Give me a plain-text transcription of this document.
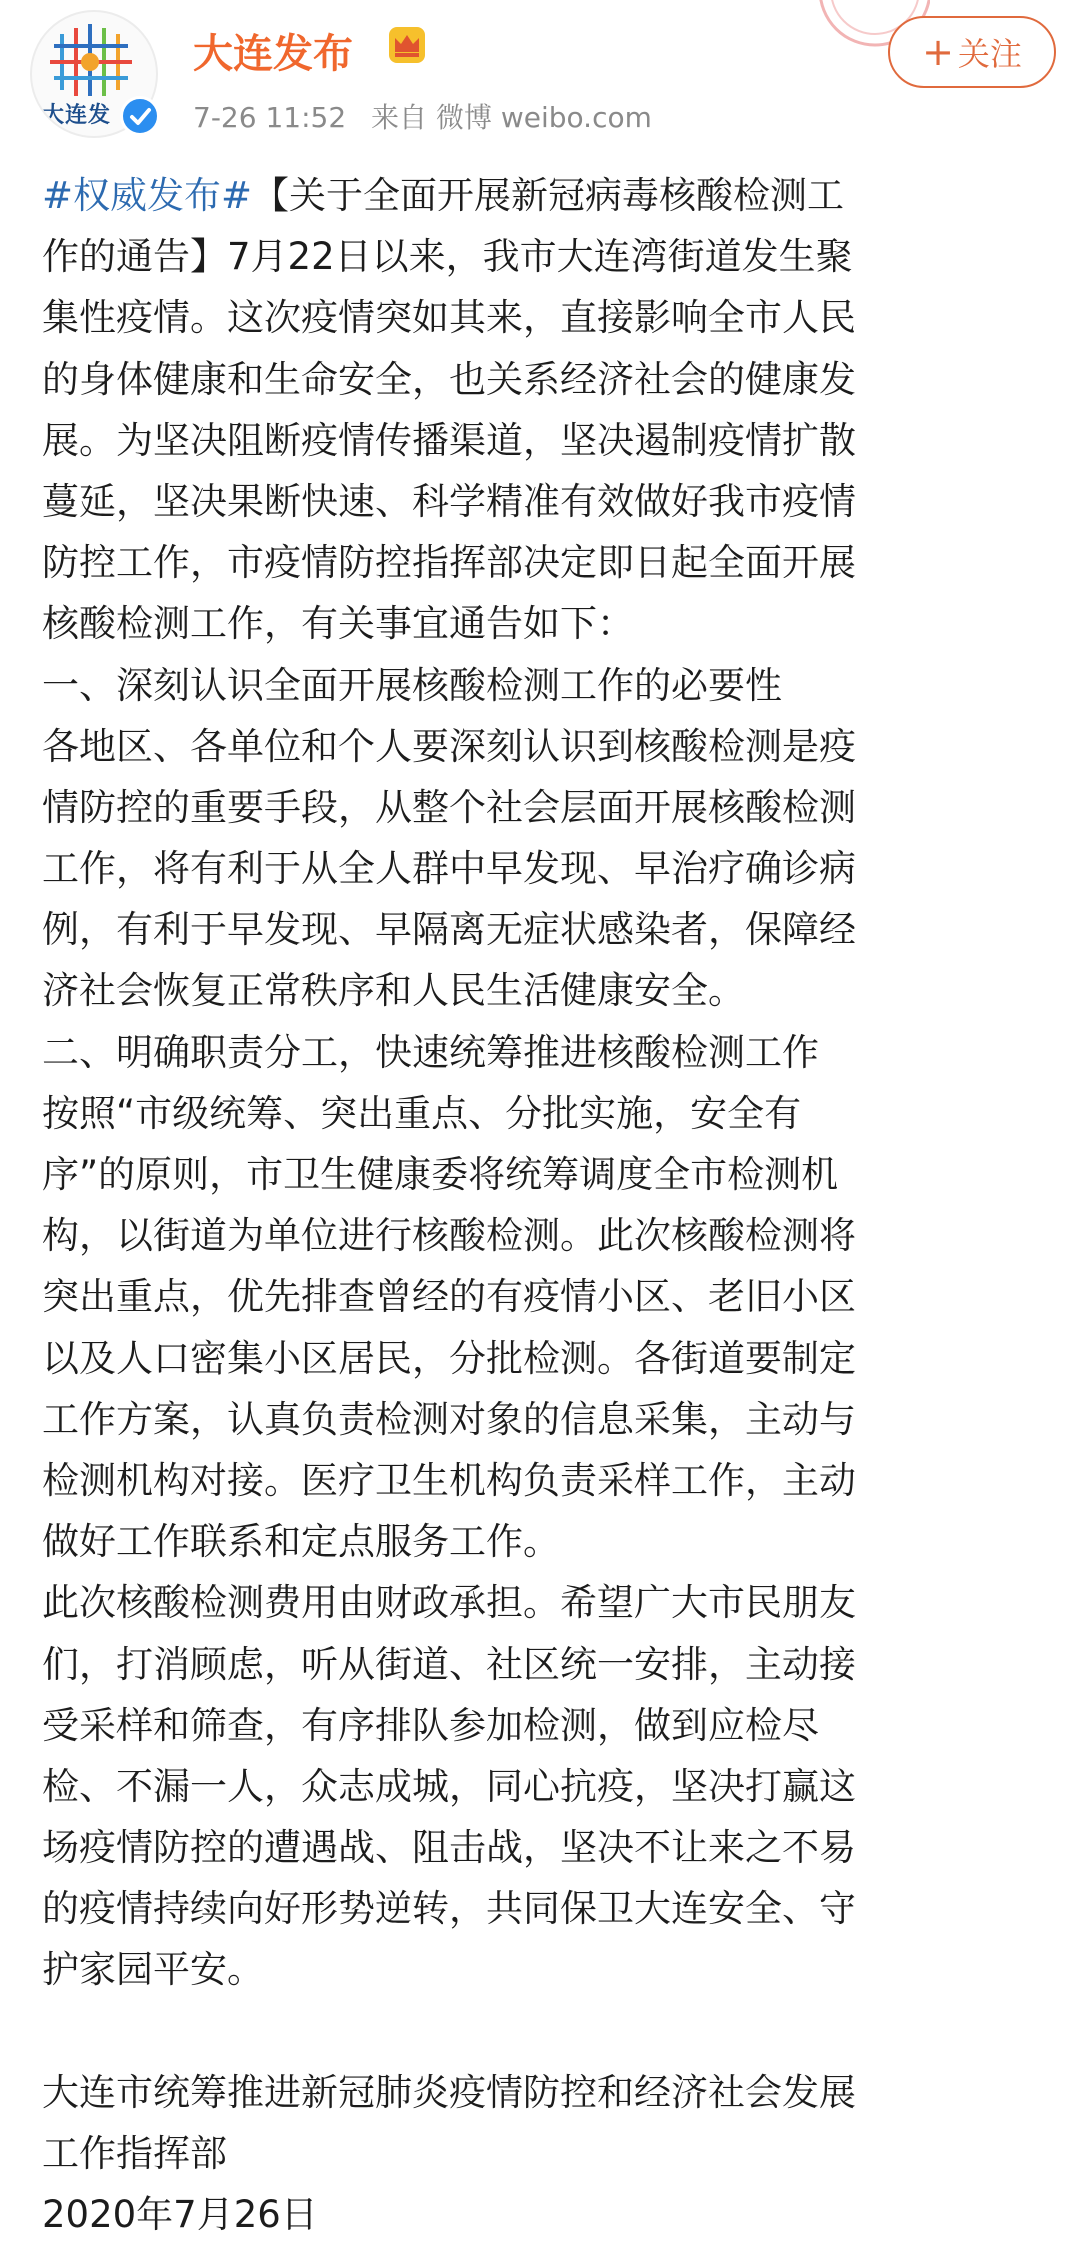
大连发
大连发布
7-26 11:52 来自 微博 weibo.com
+ 关注
#权威发布#【关于全面开展新冠病毒核酸检测工
作的通告】7月22日以来，我市大连湾街道发生聚
集性疫情。这次疫情突如其来，直接影响全市人民
的身体健康和生命安全，也关系经济社会的健康发
展。为坚决阻断疫情传播渠道，坚决遏制疫情扩散
蔓延，坚决果断快速、科学精准有效做好我市疫情
防控工作，市疫情防控指挥部决定即日起全面开展
核酸检测工作，有关事宜通告如下：
一、深刻认识全面开展核酸检测工作的必要性
各地区、各单位和个人要深刻认识到核酸检测是疫
情防控的重要手段，从整个社会层面开展核酸检测
工作，将有利于从全人群中早发现、早治疗确诊病
例，有利于早发现、早隔离无症状感染者，保障经
济社会恢复正常秩序和人民生活健康安全。
二、明确职责分工，快速统筹推进核酸检测工作
按照“市级统筹、突出重点、分批实施，安全有
序”的原则，市卫生健康委将统筹调度全市检测机
构，以街道为单位进行核酸检测。此次核酸检测将
突出重点，优先排查曾经的有疫情小区、老旧小区
以及人口密集小区居民，分批检测。各街道要制定
工作方案，认真负责检测对象的信息采集，主动与
检测机构对接。医疗卫生机构负责采样工作，主动
做好工作联系和定点服务工作。
此次核酸检测费用由财政承担。希望广大市民朋友
们，打消顾虑，听从街道、社区统一安排，主动接
受采样和筛查，有序排队参加检测，做到应检尽
检、不漏一人，众志成城，同心抗疫，坚决打赢这
场疫情防控的遭遇战、阻击战，坚决不让来之不易
的疫情持续向好形势逆转，共同保卫大连安全、守
护家园平安。
大连市统筹推进新冠肺炎疫情防控和经济社会发展
工作指挥部
2020年7月26日
